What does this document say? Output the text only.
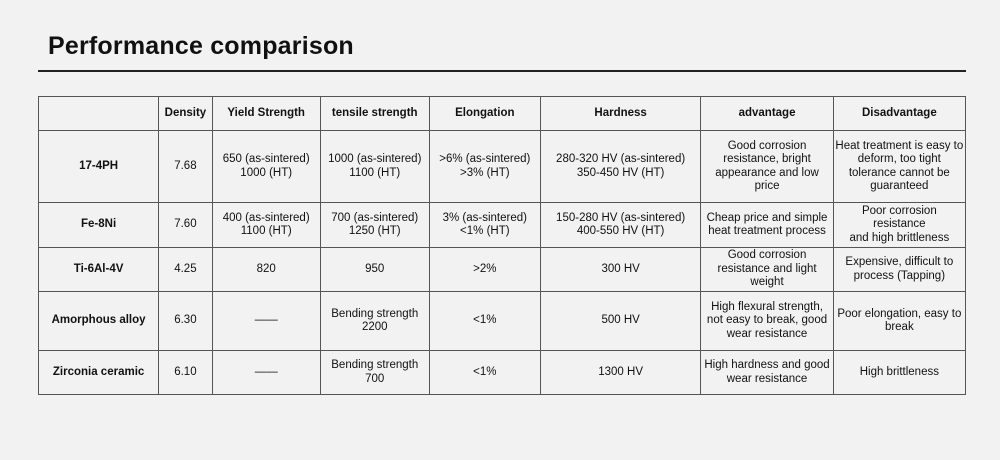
Performance comparison
	Density	Yield Strength	tensile strength	Elongation	Hardness	advantage	Disadvantage
17-4PH	7.68	650 (as-sintered)
1000 (HT)	1000 (as-sintered)
1100 (HT)	>6% (as-sintered)
>3% (HT)	280-320 HV (as-sintered)
350-450 HV (HT)	Good corrosion
resistance, bright
appearance and low
price	Heat treatment is easy to
deform, too tight
tolerance cannot be
guaranteed

Fe-8Ni	7.60	400 (as-sintered)
1100 (HT)	700 (as-sintered)
1250 (HT)	3% (as-sintered)
<1% (HT)	150-280 HV (as-sintered)
400-550 HV (HT)	Cheap price and simple
heat treatment process	Poor corrosion resistance
and high brittleness

Ti-6Al-4V	4.25	820	950	>2%	300 HV	Good corrosion
resistance and light
weight	Expensive, difficult to
process (Tapping)

Amorphous alloy	6.30	——	Bending strength
2200	<1%	500 HV	High flexural strength,
not easy to break, good
wear resistance	Poor elongation, easy to
break

Zirconia ceramic	6.10	——	Bending strength
700	<1%	1300 HV	High hardness and good
wear resistance	High brittleness
